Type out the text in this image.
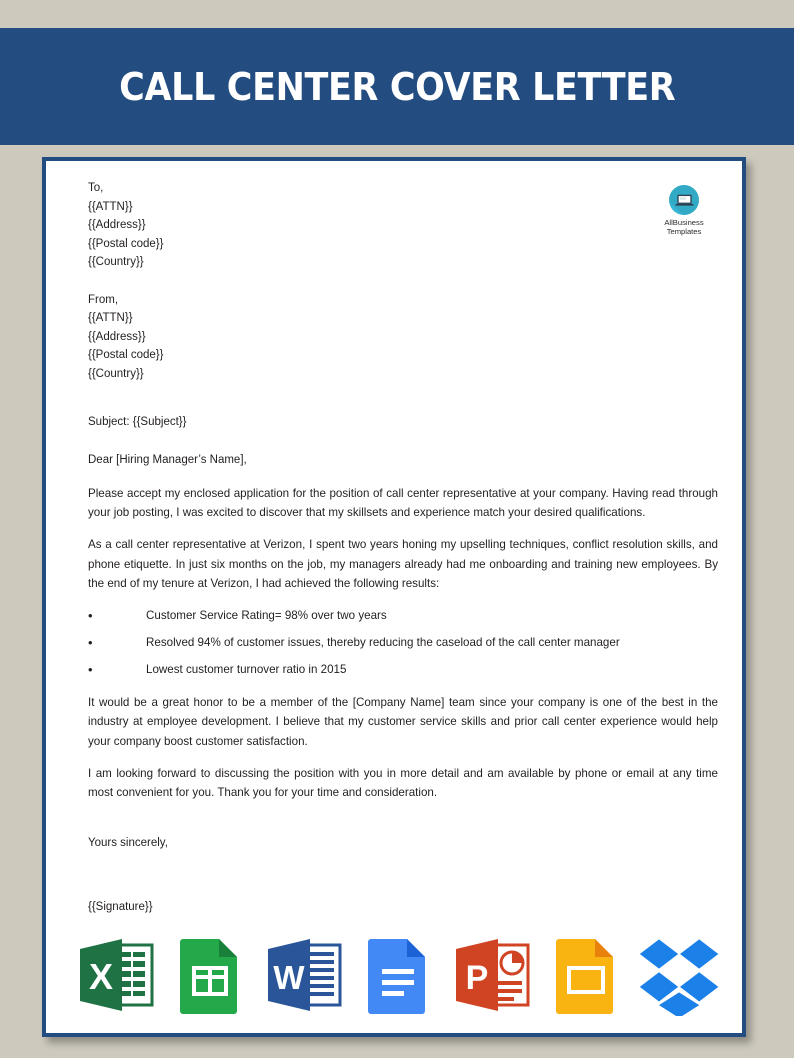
CALL CENTER COVER LETTER
AllBusiness
Templates
To,
{{ATTN}}
{{Address}}
{{Postal code}}
{{Country}}
From,
{{ATTN}}
{{Address}}
{{Postal code}}
{{Country}}
Subject: {{Subject}}
Dear [Hiring Manager’s Name],
Please accept my enclosed application for the position of call center representative at your company. Having read through your job posting, I was excited to discover that my skillsets and experience match your desired qualifications.
As a call center representative at Verizon, I spent two years honing my upselling techniques, conflict resolution skills, and phone etiquette. In just six months on the job, my managers already had me onboarding and training new employees. By the end of my tenure at Verizon, I had achieved the following results:
•	Customer Service Rating= 98% over two years
•	Resolved 94% of customer issues, thereby reducing the caseload of the call center manager
•	Lowest customer turnover ratio in 2015
It would be a great honor to be a member of the [Company Name] team since your company is one of the best in the industry at employee development. I believe that my customer service skills and prior call center experience would help your company boost customer satisfaction.
I am looking forward to discussing the position with you in more detail and am available by phone or email at any time most convenient for you. Thank you for your time and consideration.
Yours sincerely,
{{Signature}}
X	W	P
